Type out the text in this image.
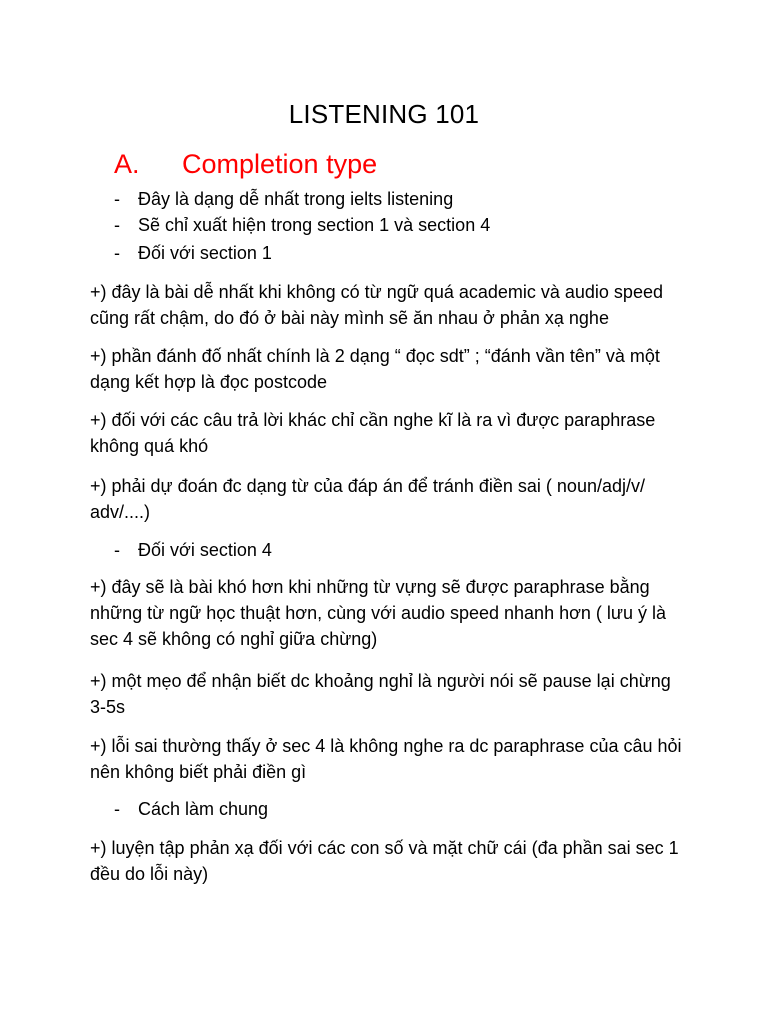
LISTENING 101
A. Completion type
- Đây là dạng dễ nhất trong ielts listening
- Sẽ chỉ xuất hiện trong section 1 và section 4
- Đối với section 1
+) đây là bài dễ nhất khi không có từ ngữ quá academic và audio speed cũng rất chậm, do đó ở bài này mình sẽ ăn nhau ở phản xạ nghe
+) phần đánh đố nhất chính là 2 dạng “ đọc sdt” ; “đánh vần tên” và một dạng kết hợp là đọc postcode
+) đối với các câu trả lời khác chỉ cần nghe kĩ là ra vì được paraphrase không quá khó
+) phải dự đoán đc dạng từ của đáp án để tránh điền sai ( noun/adj/v/ adv/....)
- Đối với section 4
+) đây sẽ là bài khó hơn khi những từ vựng sẽ được paraphrase bằng những từ ngữ học thuật hơn, cùng với audio speed nhanh hơn ( lưu ý là sec 4 sẽ không có nghỉ giữa chừng)
+) một mẹo để nhận biết dc khoảng nghỉ là người nói sẽ pause lại chừng 3-5s
+) lỗi sai thường thấy ở sec 4 là không nghe ra dc paraphrase của câu hỏi nên không biết phải điền gì
- Cách làm chung
+) luyện tập phản xạ đối với các con số và mặt chữ cái (đa phần sai sec 1 đều do lỗi này)
